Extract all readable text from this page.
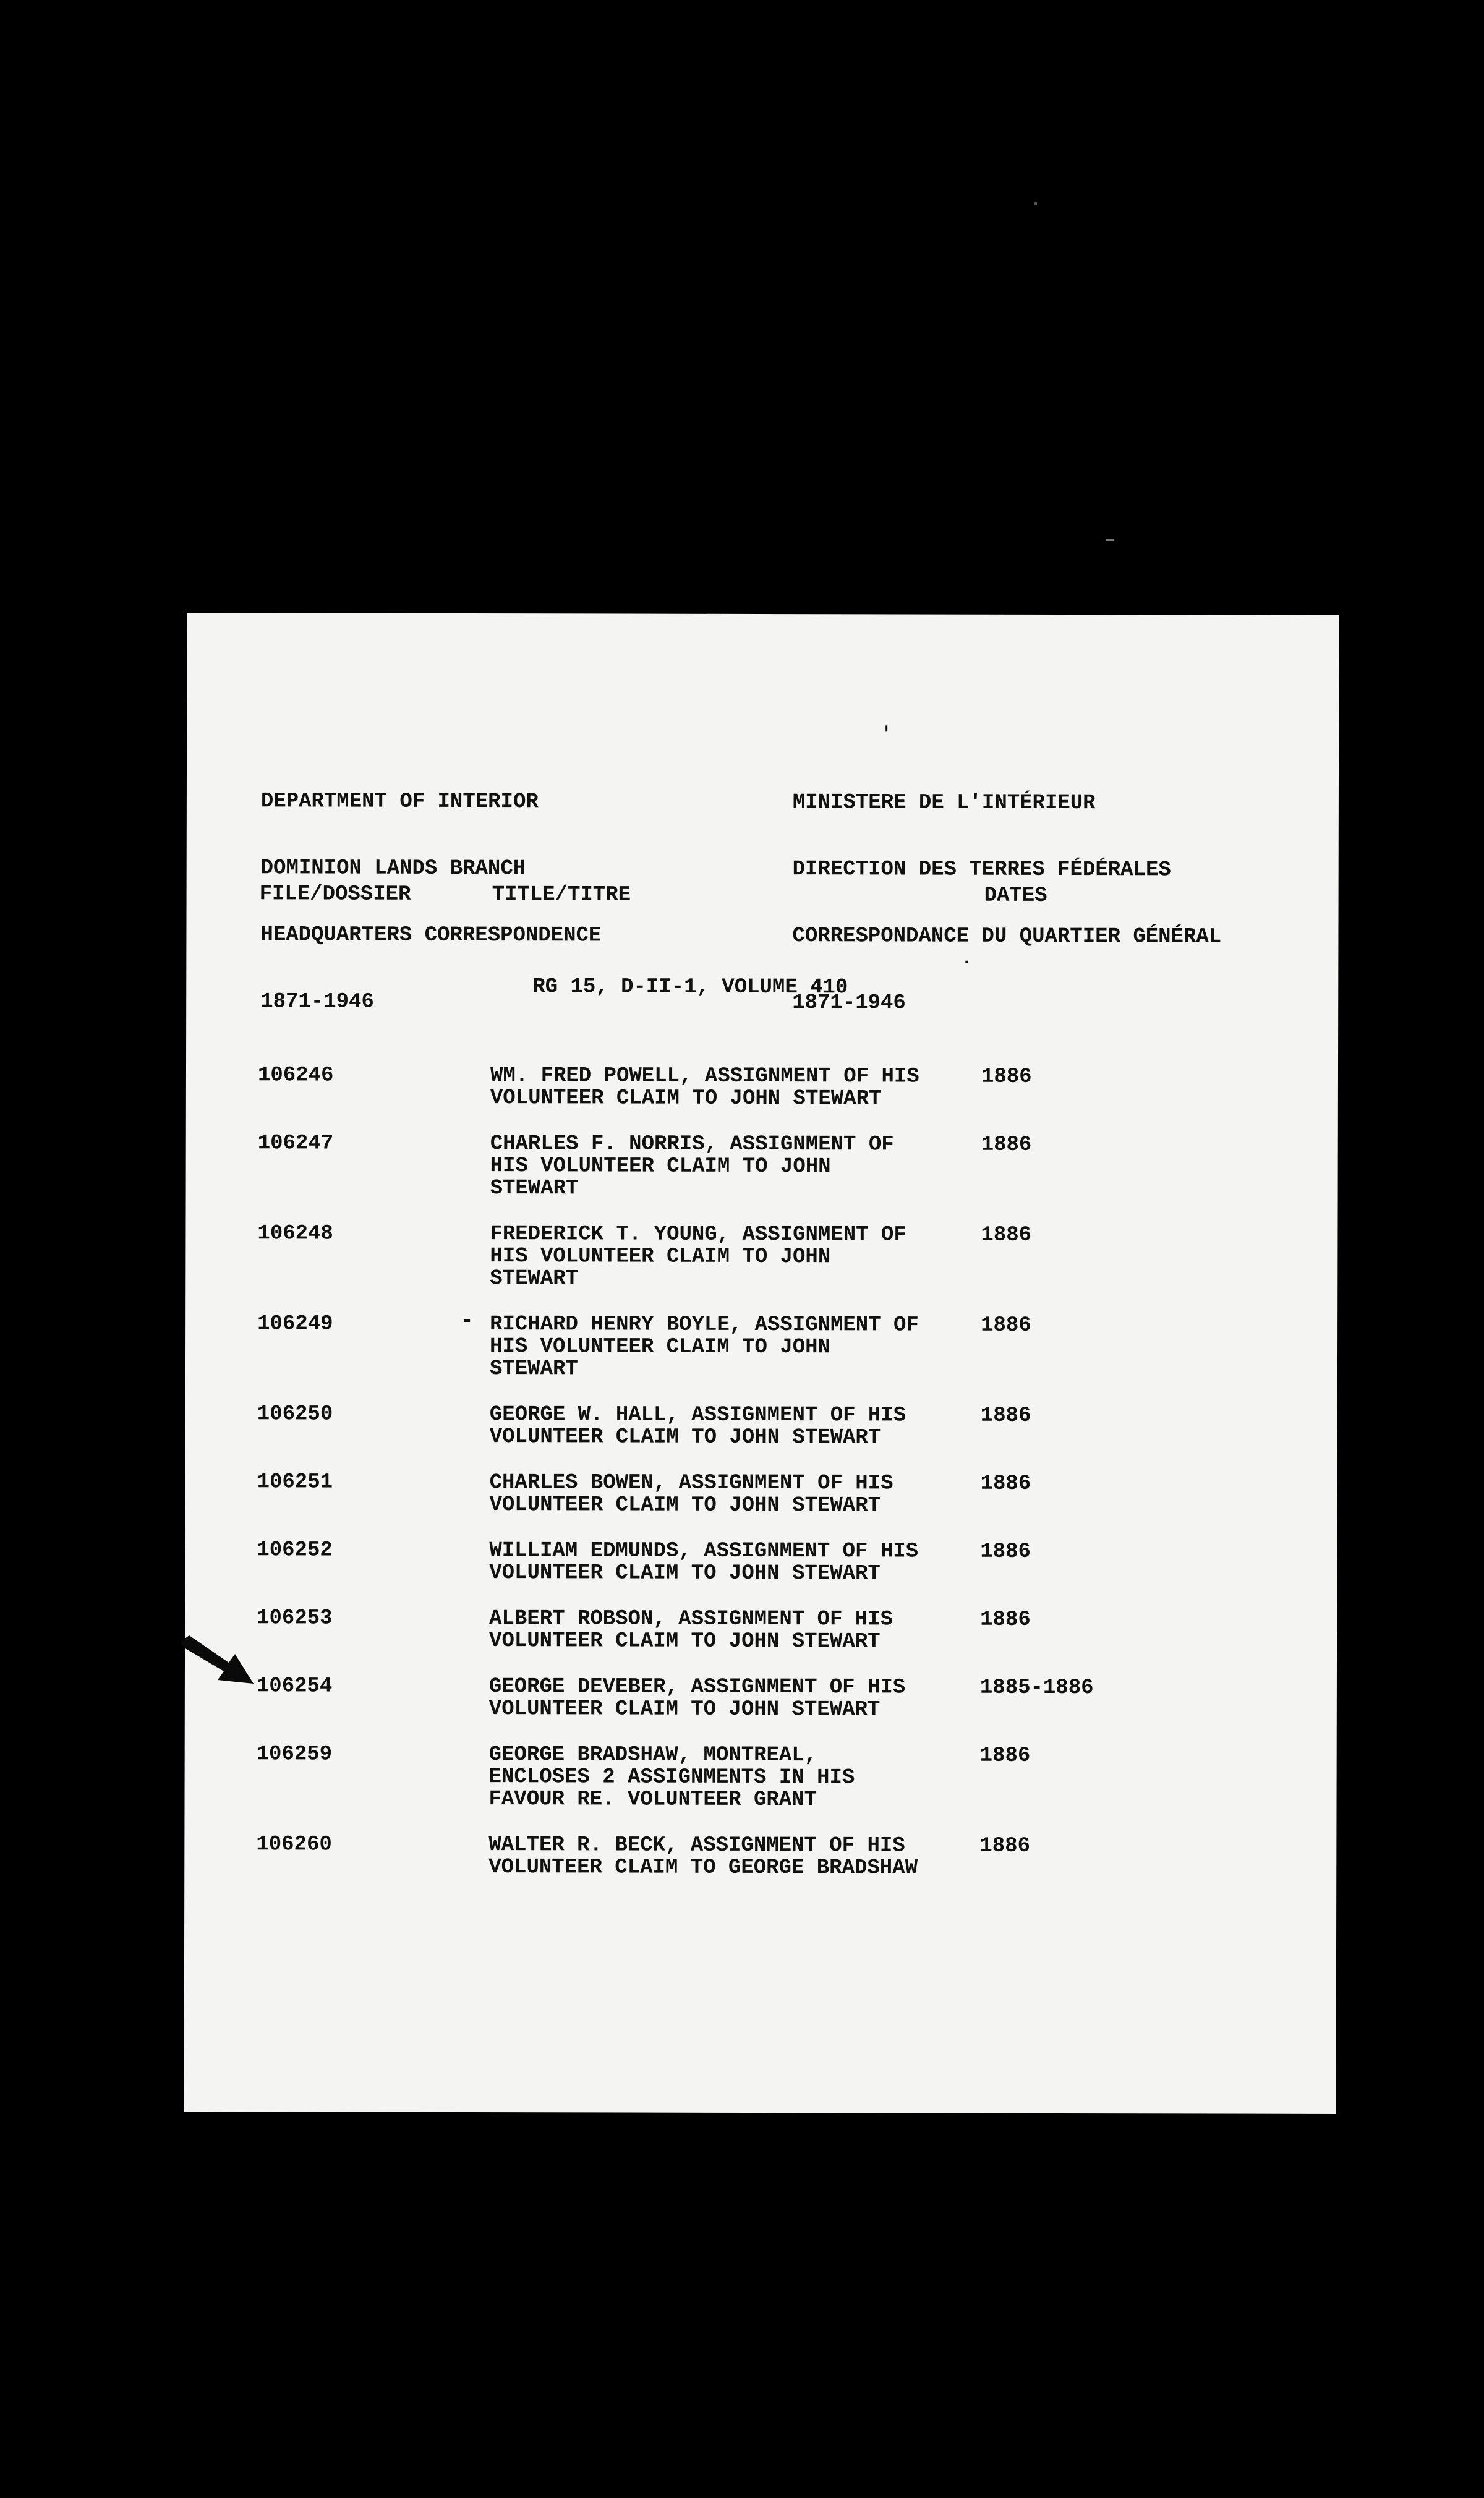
DEPARTMENT OF INTERIOR

DOMINION LANDS BRANCH

HEADQUARTERS CORRESPONDENCE

1871-1946

MINISTERE DE L'INTÉRIEUR

DIRECTION DES TERRES FÉDÉRALES

CORRESPONDANCE DU QUARTIER GÉNÉRAL

1871-1946

FILE/DOSSIER	TITLE/TITRE	DATES
RG 15, D-II-1, VOLUME 410
106246	WM. FRED POWELL, ASSIGNMENT OF HIS
VOLUNTEER CLAIM TO JOHN STEWART
1886
106247	CHARLES F. NORRIS, ASSIGNMENT OF
HIS VOLUNTEER CLAIM TO JOHN
STEWART
1886
106248	FREDERICK T. YOUNG, ASSIGNMENT OF
HIS VOLUNTEER CLAIM TO JOHN
STEWART
1886
106249	RICHARD HENRY BOYLE, ASSIGNMENT OF
HIS VOLUNTEER CLAIM TO JOHN
STEWART
1886
106250	GEORGE W. HALL, ASSIGNMENT OF HIS
VOLUNTEER CLAIM TO JOHN STEWART
1886
106251	CHARLES BOWEN, ASSIGNMENT OF HIS
VOLUNTEER CLAIM TO JOHN STEWART
1886
106252	WILLIAM EDMUNDS, ASSIGNMENT OF HIS
VOLUNTEER CLAIM TO JOHN STEWART
1886
106253	ALBERT ROBSON, ASSIGNMENT OF HIS
VOLUNTEER CLAIM TO JOHN STEWART
1886
106254	GEORGE DEVEBER, ASSIGNMENT OF HIS
VOLUNTEER CLAIM TO JOHN STEWART
1885-1886
106259	GEORGE BRADSHAW, MONTREAL,
ENCLOSES 2 ASSIGNMENTS IN HIS
FAVOUR RE. VOLUNTEER GRANT
1886
106260	WALTER R. BECK, ASSIGNMENT OF HIS
VOLUNTEER CLAIM TO GEORGE BRADSHAW
1886
